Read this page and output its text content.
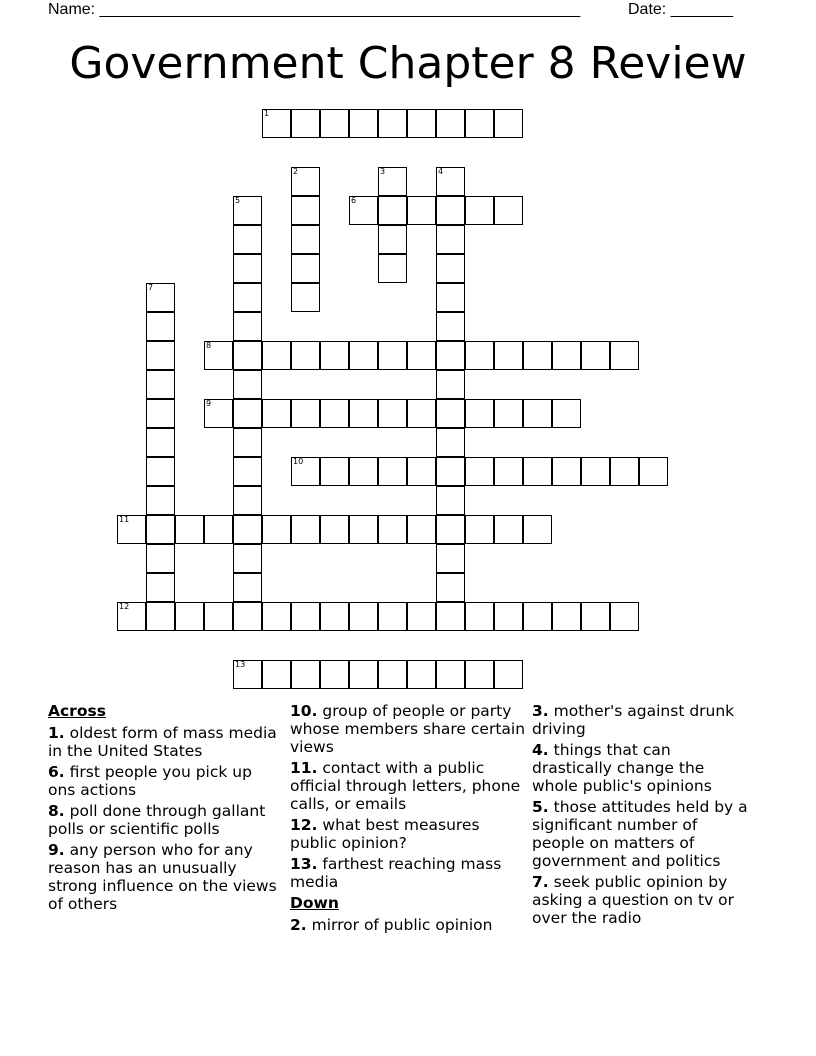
Name: ______________________________________________________	Date: _______
Government Chapter 8 Review
1
2	3	4
5	6
7
8
9
10
11
12
13
Across
1. oldest form of mass media in the United States
6. first people you pick up ons actions
8. poll done through gallant polls or scientific polls
9. any person who for any reason has an unusually strong influence on the views of others
10. group of people or party whose members share certain views
11. contact with a public official through letters, phone calls, or emails
12. what best measures public opinion?
13. farthest reaching mass media
Down
2. mirror of public opinion
3. mother's against drunk driving
4. things that can drastically change the whole public's opinions
5. those attitudes held by a significant number of people on matters of government and politics
7. seek public opinion by asking a question on tv or over the radio
